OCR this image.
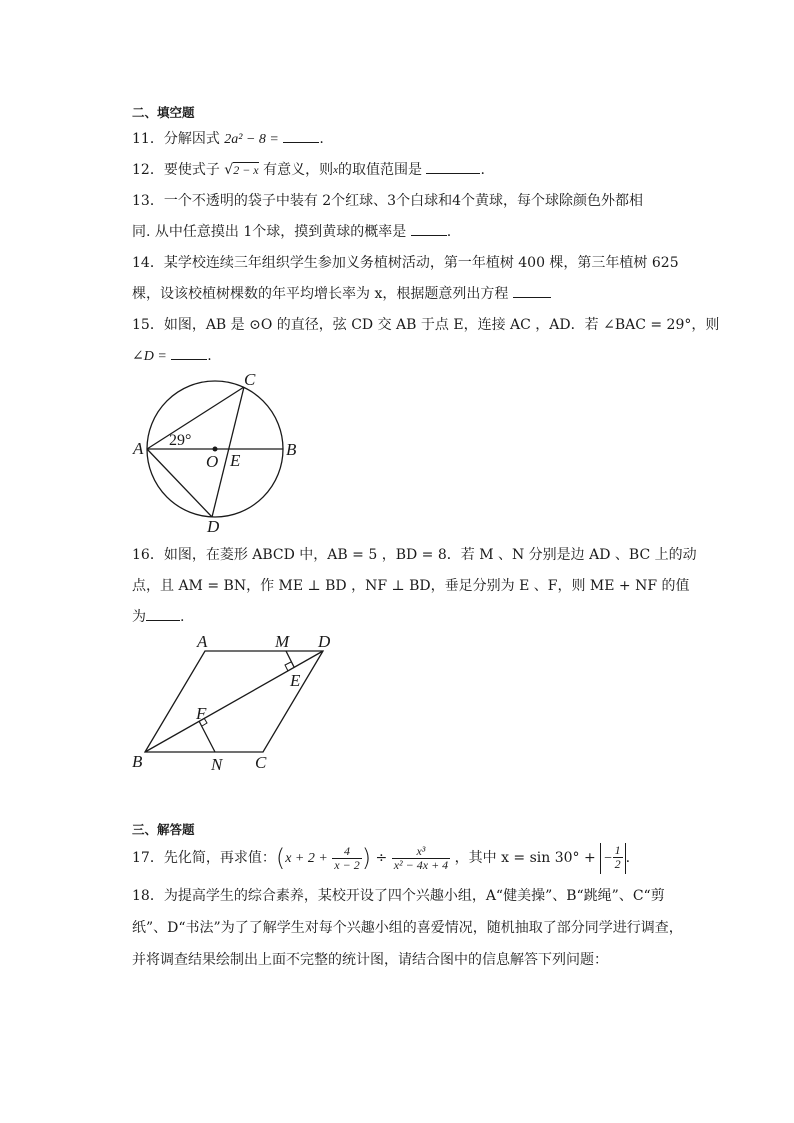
二、填空题
11．分解因式 2a² − 8 =	.
12．要使式子 √2 − x 有意义，则$^x$的取值范围是	.
13．一个不透明的袋子中装有 2个红球、3个白球和4个黄球，每个球除颜色外都相
同. 从中任意摸出 1个球，摸到黄球的概率是	.
14．某学校连续三年组织学生参加义务植树活动，第一年植树 400 棵，第三年植树 625
棵，设该校植树棵数的年平均增长率为 x，根据题意列出方程
15．如图，AB 是 ⊙O 的直径，弦 CD 交 AB 于点 E，连接 AC ，AD．若 ∠BAC = 29°，则
∠D =	.
A	B
C
D
O E
29°
16．如图，在菱形 ABCD 中，AB = 5 ，BD = 8．若 M 、N 分别是边 AD 、BC 上的动
点，且 AM = BN，作 ME ⊥ BD ，NF ⊥ BD，垂足分别为 E 、F，则 ME + NF 的值
为 .
A	M D
E
F
B	N C
三、解答题
17．先化简，再求值：($x + 2 + \frac{4}{x - 2}$ ) ÷ $\frac{\text{x³}}{\text{x² − 4x + 4}}$ ，其中 x = sin 30° + − $\frac{1}{2}$ .
18．为提高学生的综合素养，某校开设了四个兴趣小组，A“健美操”、B“跳绳”、C“剪
纸”、D“书法”为了了解学生对每个兴趣小组的喜爱情况，随机抽取了部分同学进行调查，
并将调查结果绘制出上面不完整的统计图，请结合图中的信息解答下列问题：
